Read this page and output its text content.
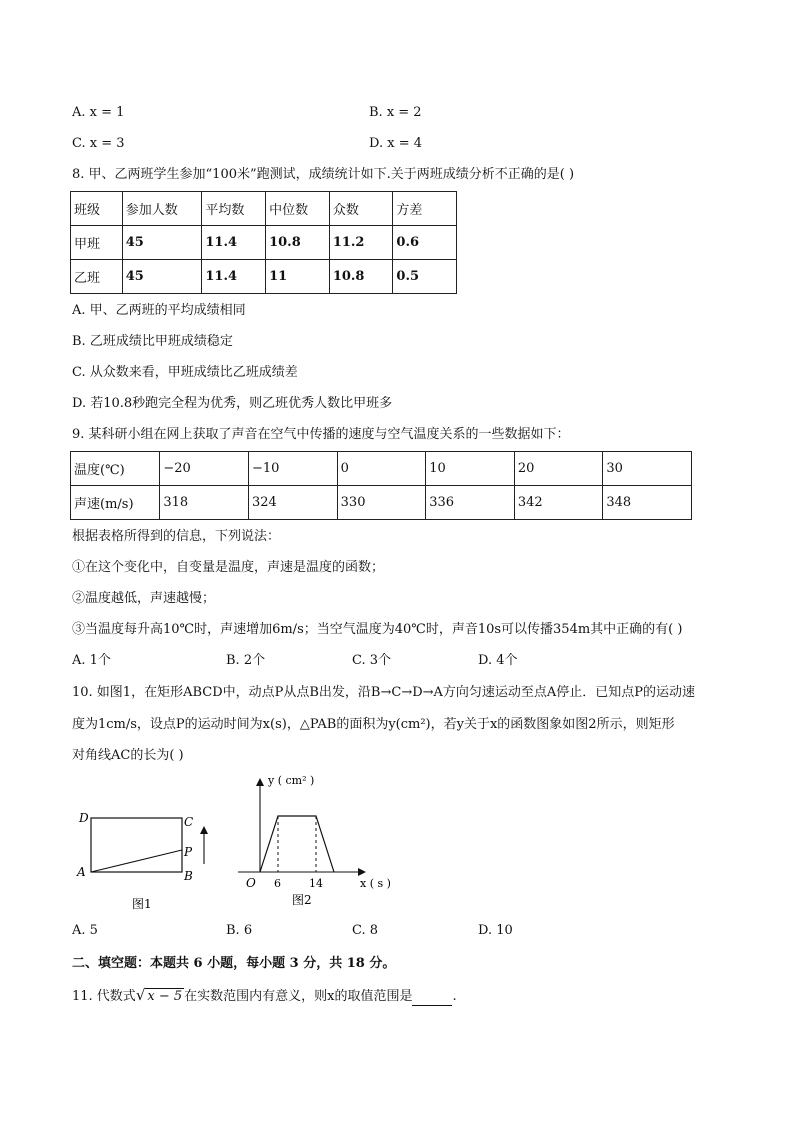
A. x = 1	B. x = 2
C. x = 3	D. x = 4
8. 甲、乙两班学生参加“100米”跑测试，成绩统计如下.关于两班成绩分析不正确的是( )
班级	参加人数	平均数	中位数	众数	方差
甲班	45	11.4	10.8	11.2	0.6
乙班	45	11.4	11	10.8	0.5
A. 甲、乙两班的平均成绩相同
B. 乙班成绩比甲班成绩稳定
C. 从众数来看，甲班成绩比乙班成绩差
D. 若10.8秒跑完全程为优秀，则乙班优秀人数比甲班多
9. 某科研小组在网上获取了声音在空气中传播的速度与空气温度关系的一些数据如下：
温度(℃)	−20	−10	0	10	20	30
声速(m/s)	318	324	330	336	342	348
根据表格所得到的信息，下列说法：
①在这个变化中，自变量是温度，声速是温度的函数；
②温度越低，声速越慢；
③当温度每升高10℃时，声速增加6m/s；当空气温度为40℃时，声音10s可以传播354m其中正确的有( )
A. 1个	B. 2个	C. 3个	D. 4个
10. 如图1，在矩形ABCD中，动点P从点B出发，沿B→C→D→A方向匀速运动至点A停止．已知点P的运动速
度为1cm/s，设点P的运动时间为x(s)，△PAB的面积为y(cm²)，若y关于x的函数图象如图2所示，则矩形
对角线AC的长为( )
D	C
A	B
P
图1
y ( cm² )
x ( s )
O 6	14
图2
A. 5	B. 6	C. 8	D. 10
二、填空题：本题共 6 小题，每小题 3 分，共 18 分。
11. 代数式√ x − 5 在实数范围内有意义，则x的取值范围是	.
